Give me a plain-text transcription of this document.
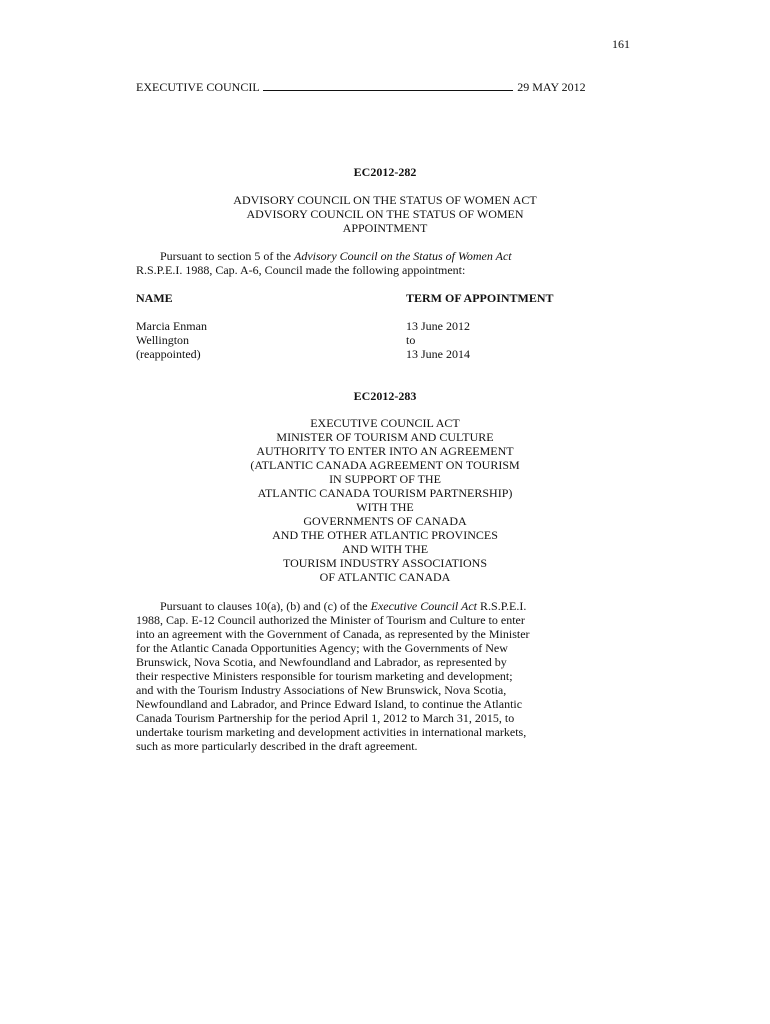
161
EXECUTIVE COUNCIL	29 MAY 2012
EC2012-282
ADVISORY COUNCIL ON THE STATUS OF WOMEN ACT
ADVISORY COUNCIL ON THE STATUS OF WOMEN
APPOINTMENT
Pursuant to section 5 of the Advisory Council on the Status of Women Act
R.S.P.E.I. 1988, Cap. A-6, Council made the following appointment:
NAME	TERM OF APPOINTMENT
Marcia Enman
Wellington
(reappointed)
13 June 2012
to
13 June 2014
EC2012-283
EXECUTIVE COUNCIL ACT
MINISTER OF TOURISM AND CULTURE
AUTHORITY TO ENTER INTO AN AGREEMENT
(ATLANTIC CANADA AGREEMENT ON TOURISM
IN SUPPORT OF THE
ATLANTIC CANADA TOURISM PARTNERSHIP)
WITH THE
GOVERNMENTS OF CANADA
AND THE OTHER ATLANTIC PROVINCES
AND WITH THE
TOURISM INDUSTRY ASSOCIATIONS
OF ATLANTIC CANADA
Pursuant to clauses 10(a), (b) and (c) of the Executive Council Act R.S.P.E.I.
1988, Cap. E-12 Council authorized the Minister of Tourism and Culture to enter
into an agreement with the Government of Canada, as represented by the Minister
for the Atlantic Canada Opportunities Agency; with the Governments of New
Brunswick, Nova Scotia, and Newfoundland and Labrador, as represented by
their respective Ministers responsible for tourism marketing and development;
and with the Tourism Industry Associations of New Brunswick, Nova Scotia,
Newfoundland and Labrador, and Prince Edward Island, to continue the Atlantic
Canada Tourism Partnership for the period April 1, 2012 to March 31, 2015, to
undertake tourism marketing and development activities in international markets,
such as more particularly described in the draft agreement.
